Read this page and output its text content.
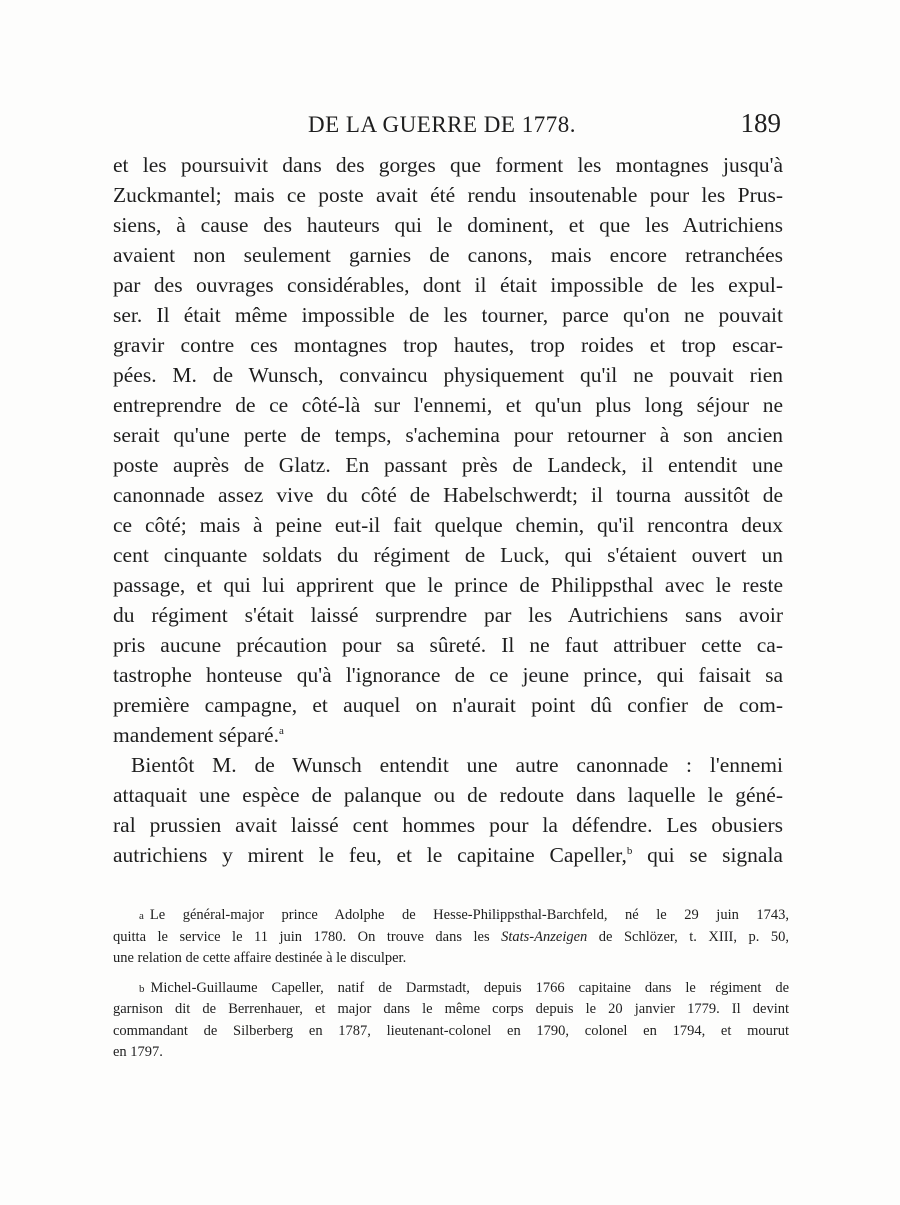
DE LA GUERRE DE 1778.	189
et les poursuivit dans des gorges que forment les montagnes jusqu'à
Zuckmantel; mais ce poste avait été rendu insoutenable pour les Prus-
siens, à cause des hauteurs qui le dominent, et que les Autrichiens
avaient non seulement garnies de canons, mais encore retranchées
par des ouvrages considérables, dont il était impossible de les expul-
ser. Il était même impossible de les tourner, parce qu'on ne pouvait
gravir contre ces montagnes trop hautes, trop roides et trop escar-
pées. M. de Wunsch, convaincu physiquement qu'il ne pouvait rien
entreprendre de ce côté-là sur l'ennemi, et qu'un plus long séjour ne
serait qu'une perte de temps, s'achemina pour retourner à son ancien
poste auprès de Glatz. En passant près de Landeck, il entendit une
canonnade assez vive du côté de Habelschwerdt; il tourna aussitôt de
ce côté; mais à peine eut-il fait quelque chemin, qu'il rencontra deux
cent cinquante soldats du régiment de Luck, qui s'étaient ouvert un
passage, et qui lui apprirent que le prince de Philippsthal avec le reste
du régiment s'était laissé surprendre par les Autrichiens sans avoir
pris aucune précaution pour sa sûreté. Il ne faut attribuer cette ca-
tastrophe honteuse qu'à l'ignorance de ce jeune prince, qui faisait sa
première campagne, et auquel on n'aurait point dû confier de com-
mandement séparé.$^a$
Bientôt M. de Wunsch entendit une autre canonnade : l'ennemi
attaquait une espèce de palanque ou de redoute dans laquelle le géné-
ral prussien avait laissé cent hommes pour la défendre. Les obusiers
autrichiens y mirent le feu, et le capitaine Capeller,$^b$ qui se signala
a Le général-major prince Adolphe de Hesse-Philippsthal-Barchfeld, né le 29 juin 1743,
quitta le service le 11 juin 1780. On trouve dans les Stats-Anzeigen de Schlözer, t. XIII, p. 50,
une relation de cette affaire destinée à le disculper.
b Michel-Guillaume Capeller, natif de Darmstadt, depuis 1766 capitaine dans le régiment de
garnison dit de Berrenhauer, et major dans le même corps depuis le 20 janvier 1779. Il devint
commandant de Silberberg en 1787, lieutenant-colonel en 1790, colonel en 1794, et mourut
en 1797.
